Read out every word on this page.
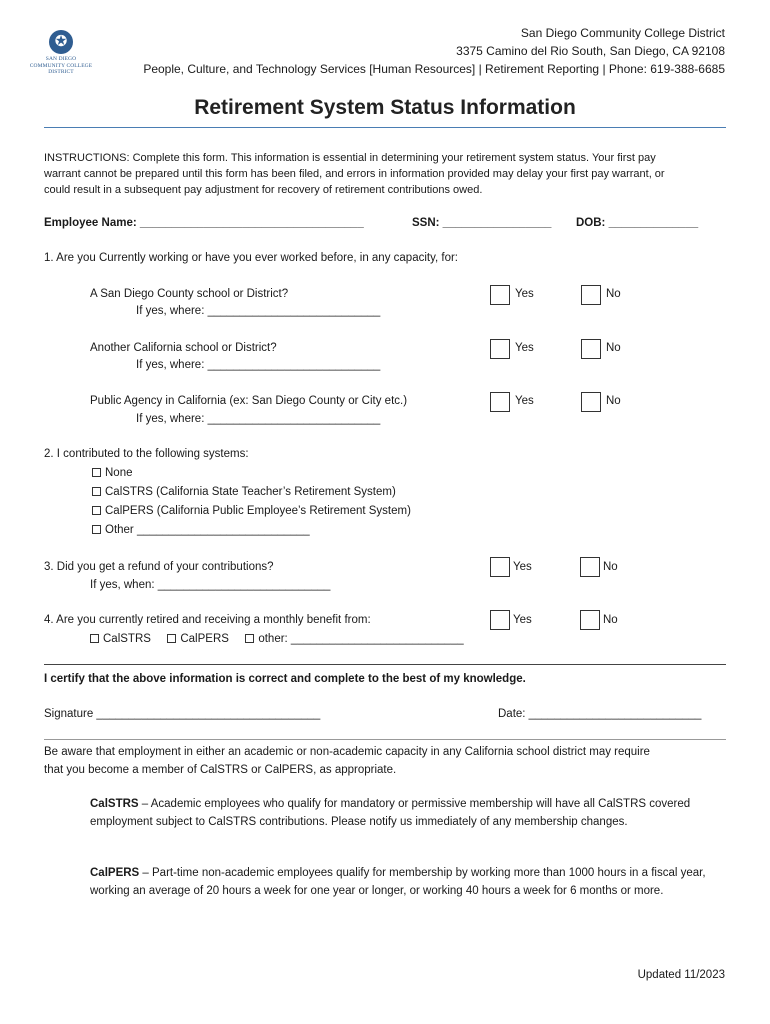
✪
SAN DIEGO
COMMUNITY COLLEGE
DISTRICT
San Diego Community College District
3375 Camino del Rio South, San Diego, CA 92108
People, Culture, and Technology Services [Human Resources] | Retirement Reporting | Phone: 619-388-6685
Retirement System Status Information
INSTRUCTIONS: Complete this form. This information is essential in determining your retirement system status. Your first pay
warrant cannot be prepared until this form has been filed, and errors in information provided may delay your first pay warrant, or
could result in a subsequent pay adjustment for recovery of retirement contributions owed.
Employee Name: ___________________________________	SSN: _________________ DOB: ______________
1. Are you Currently working or have you ever worked before, in any capacity, for:
A San Diego County school or District?
If yes, where: ___________________________
Yes	No
Another California school or District?
If yes, where: ___________________________
Yes	No
Public Agency in California (ex: San Diego County or City etc.)
If yes, where: ___________________________
Yes	No
2. I contributed to the following systems:
None
CalSTRS (California State Teacher’s Retirement System)
CalPERS (California Public Employee’s Retirement System)
Other ___________________________
3. Did you get a refund of your contributions?
If yes, when: ___________________________
Yes	No
4. Are you currently retired and receiving a monthly benefit from:
CalSTRS	CalPERS	other: ___________________________
Yes	No
I certify that the above information is correct and complete to the best of my knowledge.
Signature ___________________________________	Date: ___________________________
Be aware that employment in either an academic or non-academic capacity in any California school district may require
that you become a member of CalSTRS or CalPERS, as appropriate.
CalSTRS – Academic employees who qualify for mandatory or permissive membership will have all CalSTRS covered employment subject to CalSTRS contributions. Please notify us immediately of any membership changes.
CalPERS – Part-time non-academic employees qualify for membership by working more than 1000 hours in a fiscal year, working an average of 20 hours a week for one year or longer, or working 40 hours a week for 6 months or more.
Updated 11/2023
